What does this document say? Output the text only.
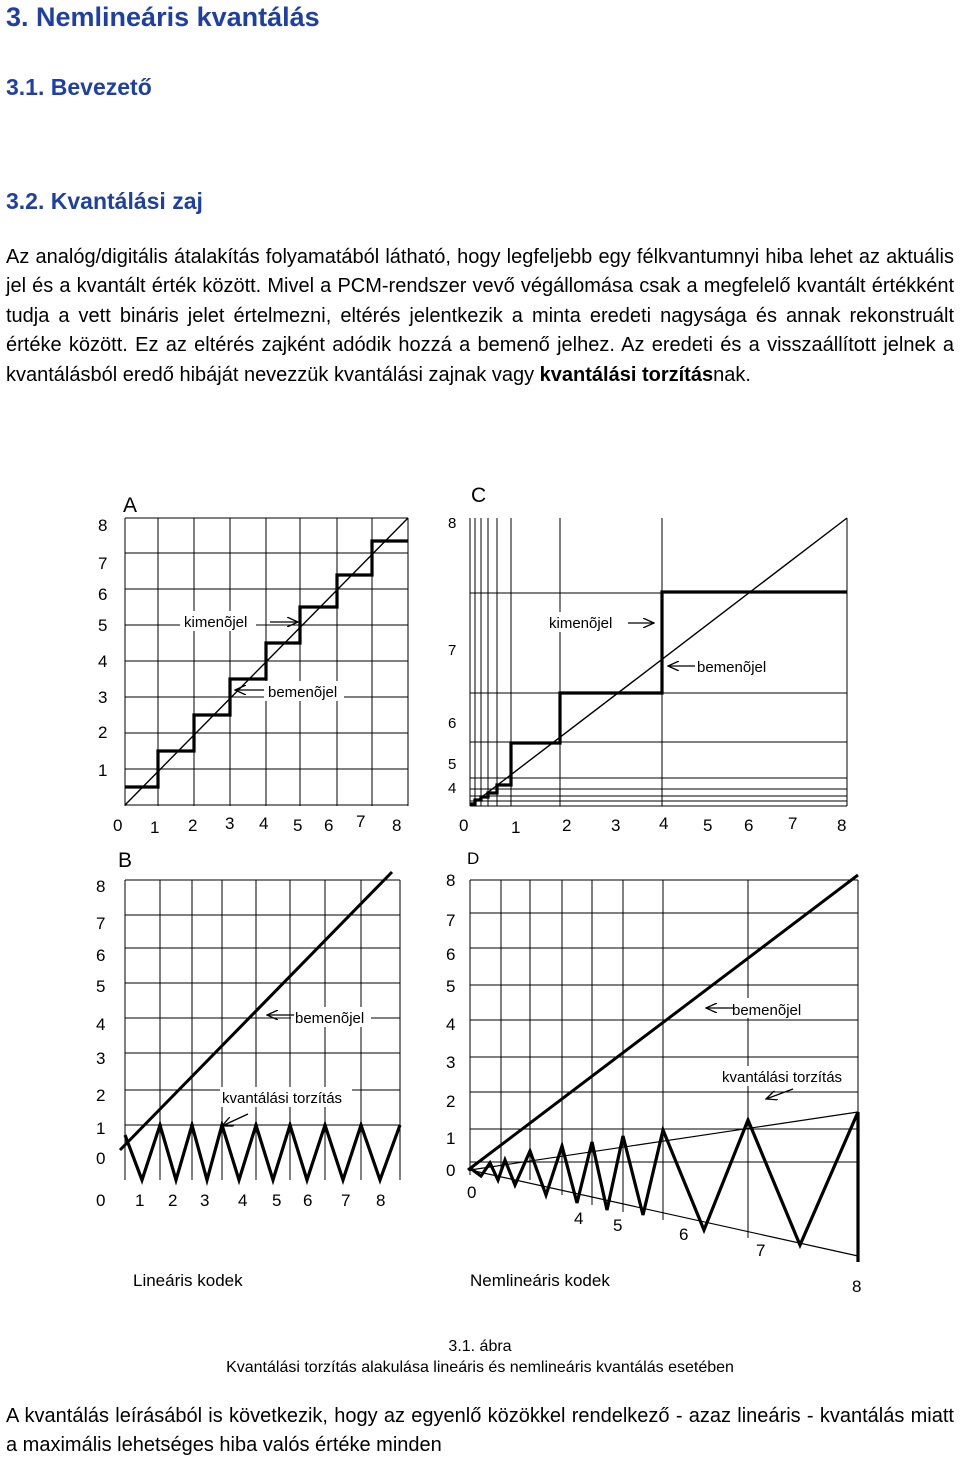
3. Nemlineáris kvantálás
3.1. Bevezető
3.2. Kvantálási zaj

Az analóg/digitális átalakítás folyamatából látható, hogy legfeljebb egy félkvantumnyi hiba lehet az aktuális jel és a kvantált érték között. Mivel a PCM-rendszer vevő végállomása csak a megfelelő kvantált értékként tudja a vett bináris jelet értelmezni, eltérés jelentkezik a minta eredeti nagysága és annak rekonstruált értéke között. Ez az eltérés zajként adódik hozzá a bemenő jelhez. Az eredeti és a visszaállított jelnek a kvantálásból eredő hibáját nevezzük kvantálási zajnak vagy kvantálási torzításnak.

kimenõjel
bemenõjel
A
8
7
6
5
4
3
2
1
0 1 2 3 4 5 6 7 8
kimenõjel
bemenõjel
C
8
7
6
5
4
0	1 2 3 4 5 6 7 8
bemenõjel
kvantálási torzítás
B
8
7
6
5
4
3
2
1
0
0 1 2 3 4 5 6 7 8
Lineáris kodek
bemenõjel
kvantálási torzítás
D
8
7
6
5
4
3
2
1
0
0
4 5	6
7
8
Nemlineáris kodek
3.1. ábra
Kvantálási torzítás alakulása lineáris és nemlineáris kvantálás esetében

A kvantálás leírásából is következik, hogy az egyenlő közökkel rendelkező - azaz lineáris - kvantálás miatt a maximális lehetséges hiba valós értéke minden
